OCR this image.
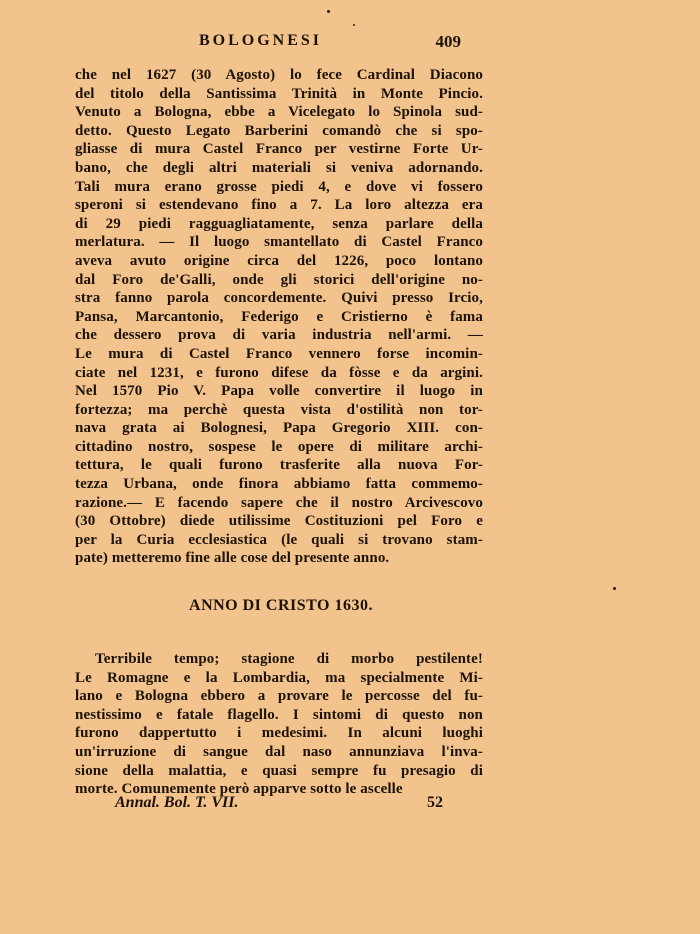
BOLOGNESI	409
che nel 1627 (30 Agosto) lo fece Cardinal Diacono
del titolo della Santissima Trinità in Monte Pincio.
Venuto a Bologna, ebbe a Vicelegato lo Spinola sud-
detto. Questo Legato Barberini comandò che si spo-
gliasse di mura Castel Franco per vestirne Forte Ur-
bano, che degli altri materiali si veniva adornando.
Tali mura erano grosse piedi 4, e dove vi fossero
speroni si estendevano fino a 7. La loro altezza era
di 29 piedi ragguagliatamente, senza parlare della
merlatura. — Il luogo smantellato di Castel Franco
aveva avuto origine circa del 1226, poco lontano
dal Foro de'Galli, onde gli storici dell'origine no-
stra fanno parola concordemente. Quivi presso Ircio,
Pansa, Marcantonio, Federigo e Cristierno è fama
che dessero prova di varia industria nell'armi. —
Le mura di Castel Franco vennero forse incomin-
ciate nel 1231, e furono difese da fòsse e da argini.
Nel 1570 Pio V. Papa volle convertire il luogo in
fortezza; ma perchè questa vista d'ostilità non tor-
nava grata ai Bolognesi, Papa Gregorio XIII. con-
cittadino nostro, sospese le opere di militare archi-
tettura, le quali furono trasferite alla nuova For-
tezza Urbana, onde finora abbiamo fatta commemo-
razione.— E facendo sapere che il nostro Arcivescovo
(30 Ottobre) diede utilissime Costituzioni pel Foro e
per la Curia ecclesiastica (le quali si trovano stam-
pate) metteremo fine alle cose del presente anno.
ANNO DI CRISTO 1630.
Terribile tempo; stagione di morbo pestilente!
Le Romagne e la Lombardia, ma specialmente Mi-
lano e Bologna ebbero a provare le percosse del fu-
nestissimo e fatale flagello. I sintomi di questo non
furono dappertutto i medesimi. In alcuni luoghi
un'irruzione di sangue dal naso annunziava l'inva-
sione della malattia, e quasi sempre fu presagio di
morte. Comunemente però apparve sotto le ascelle
Annal. Bol. T. VII.	52
